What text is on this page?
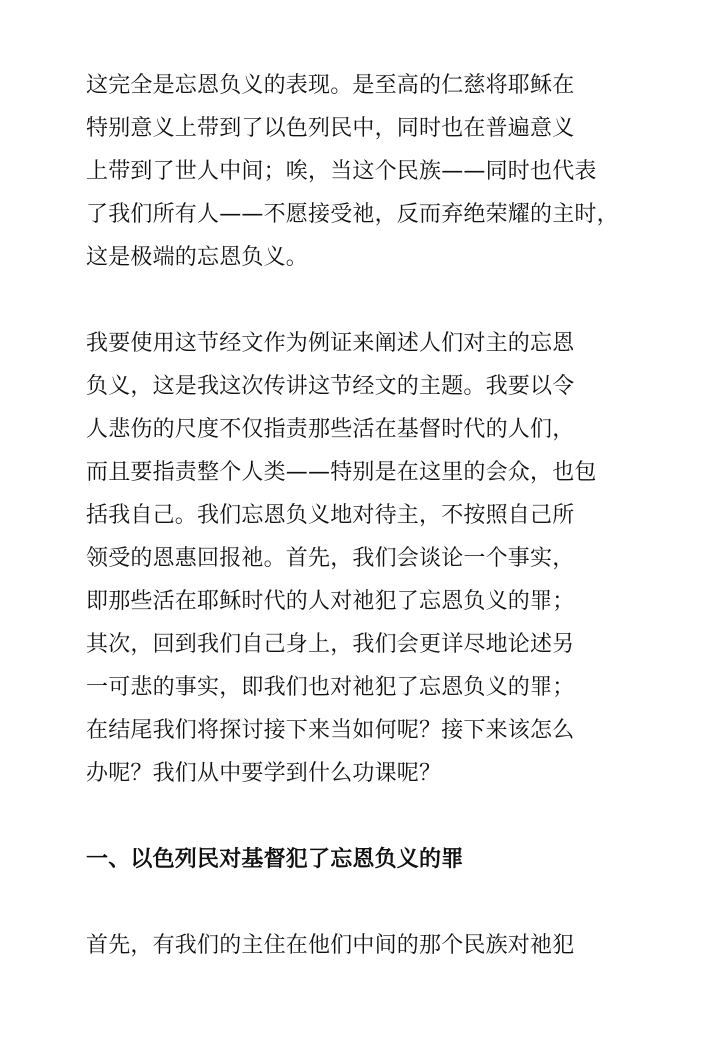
这完全是忘恩负义的表现。是至高的仁慈将耶稣在
特别意义上带到了以色列民中，同时也在普遍意义
上带到了世人中间；唉，当这个民族——同时也代表
了我们所有人——不愿接受祂，反而弃绝荣耀的主时，
这是极端的忘恩负义。
我要使用这节经文作为例证来阐述人们对主的忘恩
负义，这是我这次传讲这节经文的主题。我要以令
人悲伤的尺度不仅指责那些活在基督时代的人们，
而且要指责整个人类——特别是在这里的会众，也包
括我自己。我们忘恩负义地对待主，不按照自己所
领受的恩惠回报祂。首先，我们会谈论一个事实，
即那些活在耶稣时代的人对祂犯了忘恩负义的罪；
其次，回到我们自己身上，我们会更详尽地论述另
一可悲的事实，即我们也对祂犯了忘恩负义的罪；
在结尾我们将探讨接下来当如何呢？接下来该怎么
办呢？我们从中要学到什么功课呢？
一、以色列民对基督犯了忘恩负义的罪
首先，有我们的主住在他们中间的那个民族对祂犯
